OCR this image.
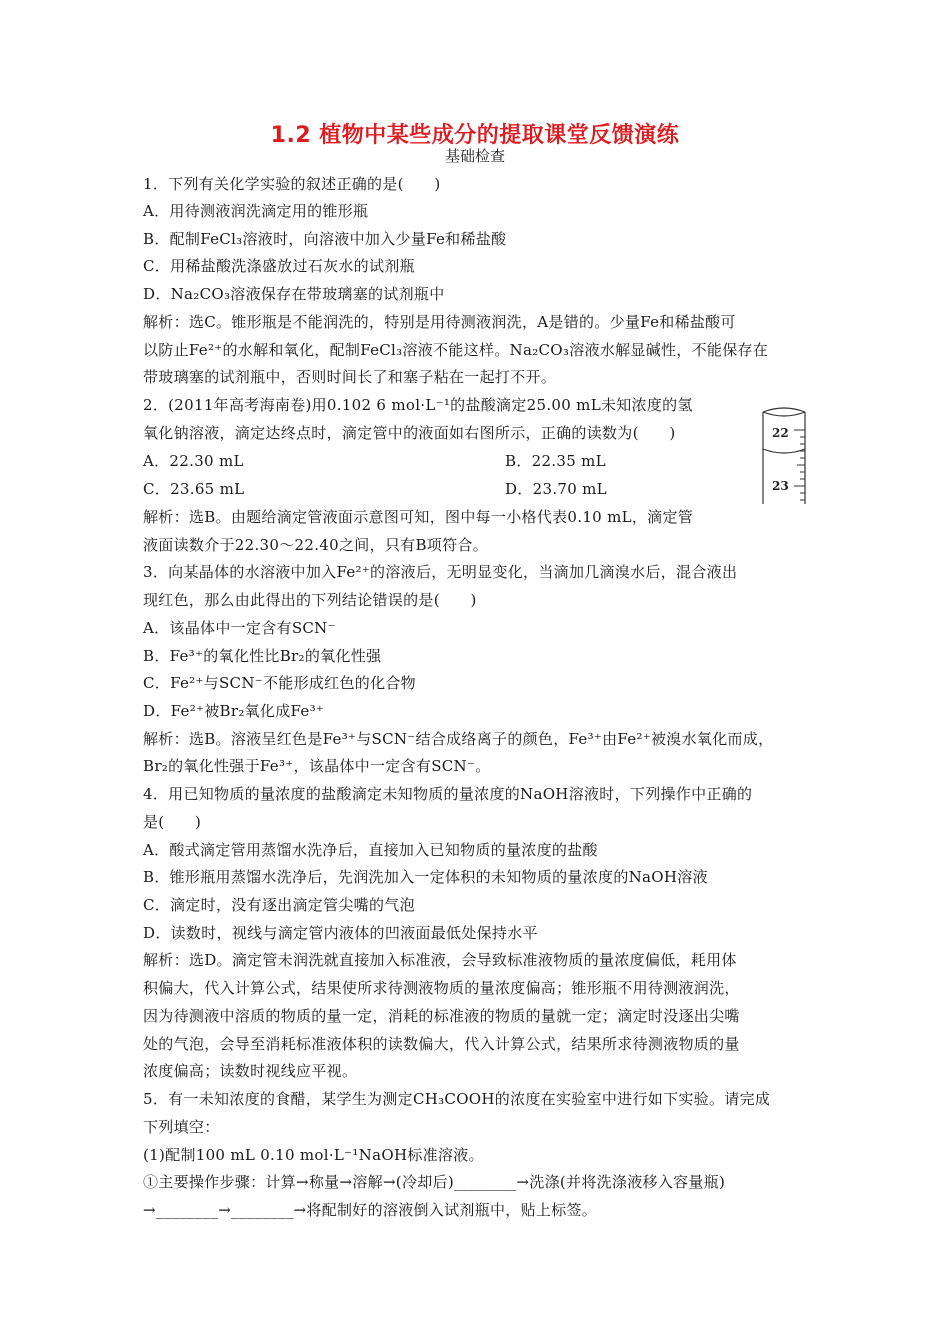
1.2 植物中某些成分的提取课堂反馈演练
基础检查
1．下列有关化学实验的叙述正确的是(　　)
A．用待测液润洗滴定用的锥形瓶
B．配制FeCl₃溶液时，向溶液中加入少量Fe和稀盐酸
C．用稀盐酸洗涤盛放过石灰水的试剂瓶
D．Na₂CO₃溶液保存在带玻璃塞的试剂瓶中
解析：选C。锥形瓶是不能润洗的，特别是用待测液润洗，A是错的。少量Fe和稀盐酸可
以防止Fe²⁺的水解和氧化，配制FeCl₃溶液不能这样。Na₂CO₃溶液水解显碱性，不能保存在
带玻璃塞的试剂瓶中，否则时间长了和塞子粘在一起打不开。
2．(2011年高考海南卷)用0.102 6 mol·L⁻¹的盐酸滴定25.00 mL未知浓度的氢
氧化钠溶液，滴定达终点时，滴定管中的液面如右图所示，正确的读数为(　　)
A．22.30 mL	B．22.35 mL
C．23.65 mL	D．23.70 mL
解析：选B。由题给滴定管液面示意图可知，图中每一小格代表0.10 mL，滴定管
液面读数介于22.30～22.40之间，只有B项符合。
3．向某晶体的水溶液中加入Fe²⁺的溶液后，无明显变化，当滴加几滴溴水后，混合液出
现红色，那么由此得出的下列结论错误的是(　　)
A．该晶体中一定含有SCN⁻
B．Fe³⁺的氧化性比Br₂的氧化性强
C．Fe²⁺与SCN⁻不能形成红色的化合物
D．Fe²⁺被Br₂氧化成Fe³⁺
解析：选B。溶液呈红色是Fe³⁺与SCN⁻结合成络离子的颜色，Fe³⁺由Fe²⁺被溴水氧化而成，
Br₂的氧化性强于Fe³⁺，该晶体中一定含有SCN⁻。
4．用已知物质的量浓度的盐酸滴定未知物质的量浓度的NaOH溶液时，下列操作中正确的
是(　　)
A．酸式滴定管用蒸馏水洗净后，直接加入已知物质的量浓度的盐酸
B．锥形瓶用蒸馏水洗净后，先润洗加入一定体积的未知物质的量浓度的NaOH溶液
C．滴定时，没有逐出滴定管尖嘴的气泡
D．读数时，视线与滴定管内液体的凹液面最低处保持水平
解析：选D。滴定管未润洗就直接加入标准液，会导致标准液物质的量浓度偏低，耗用体
积偏大，代入计算公式，结果使所求待测液物质的量浓度偏高；锥形瓶不用待测液润洗，
因为待测液中溶质的物质的量一定，消耗的标准液的物质的量就一定；滴定时没逐出尖嘴
处的气泡，会导至消耗标准液体积的读数偏大，代入计算公式，结果所求待测液物质的量
浓度偏高；读数时视线应平视。
5．有一未知浓度的食醋，某学生为测定CH₃COOH的浓度在实验室中进行如下实验。请完成
下列填空：
(1)配制100 mL 0.10 mol·L⁻¹NaOH标准溶液。
①主要操作步骤：计算→称量→溶解→(冷却后)________→洗涤(并将洗涤液移入容量瓶)
→________→________→将配制好的溶液倒入试剂瓶中，贴上标签。
22
23
